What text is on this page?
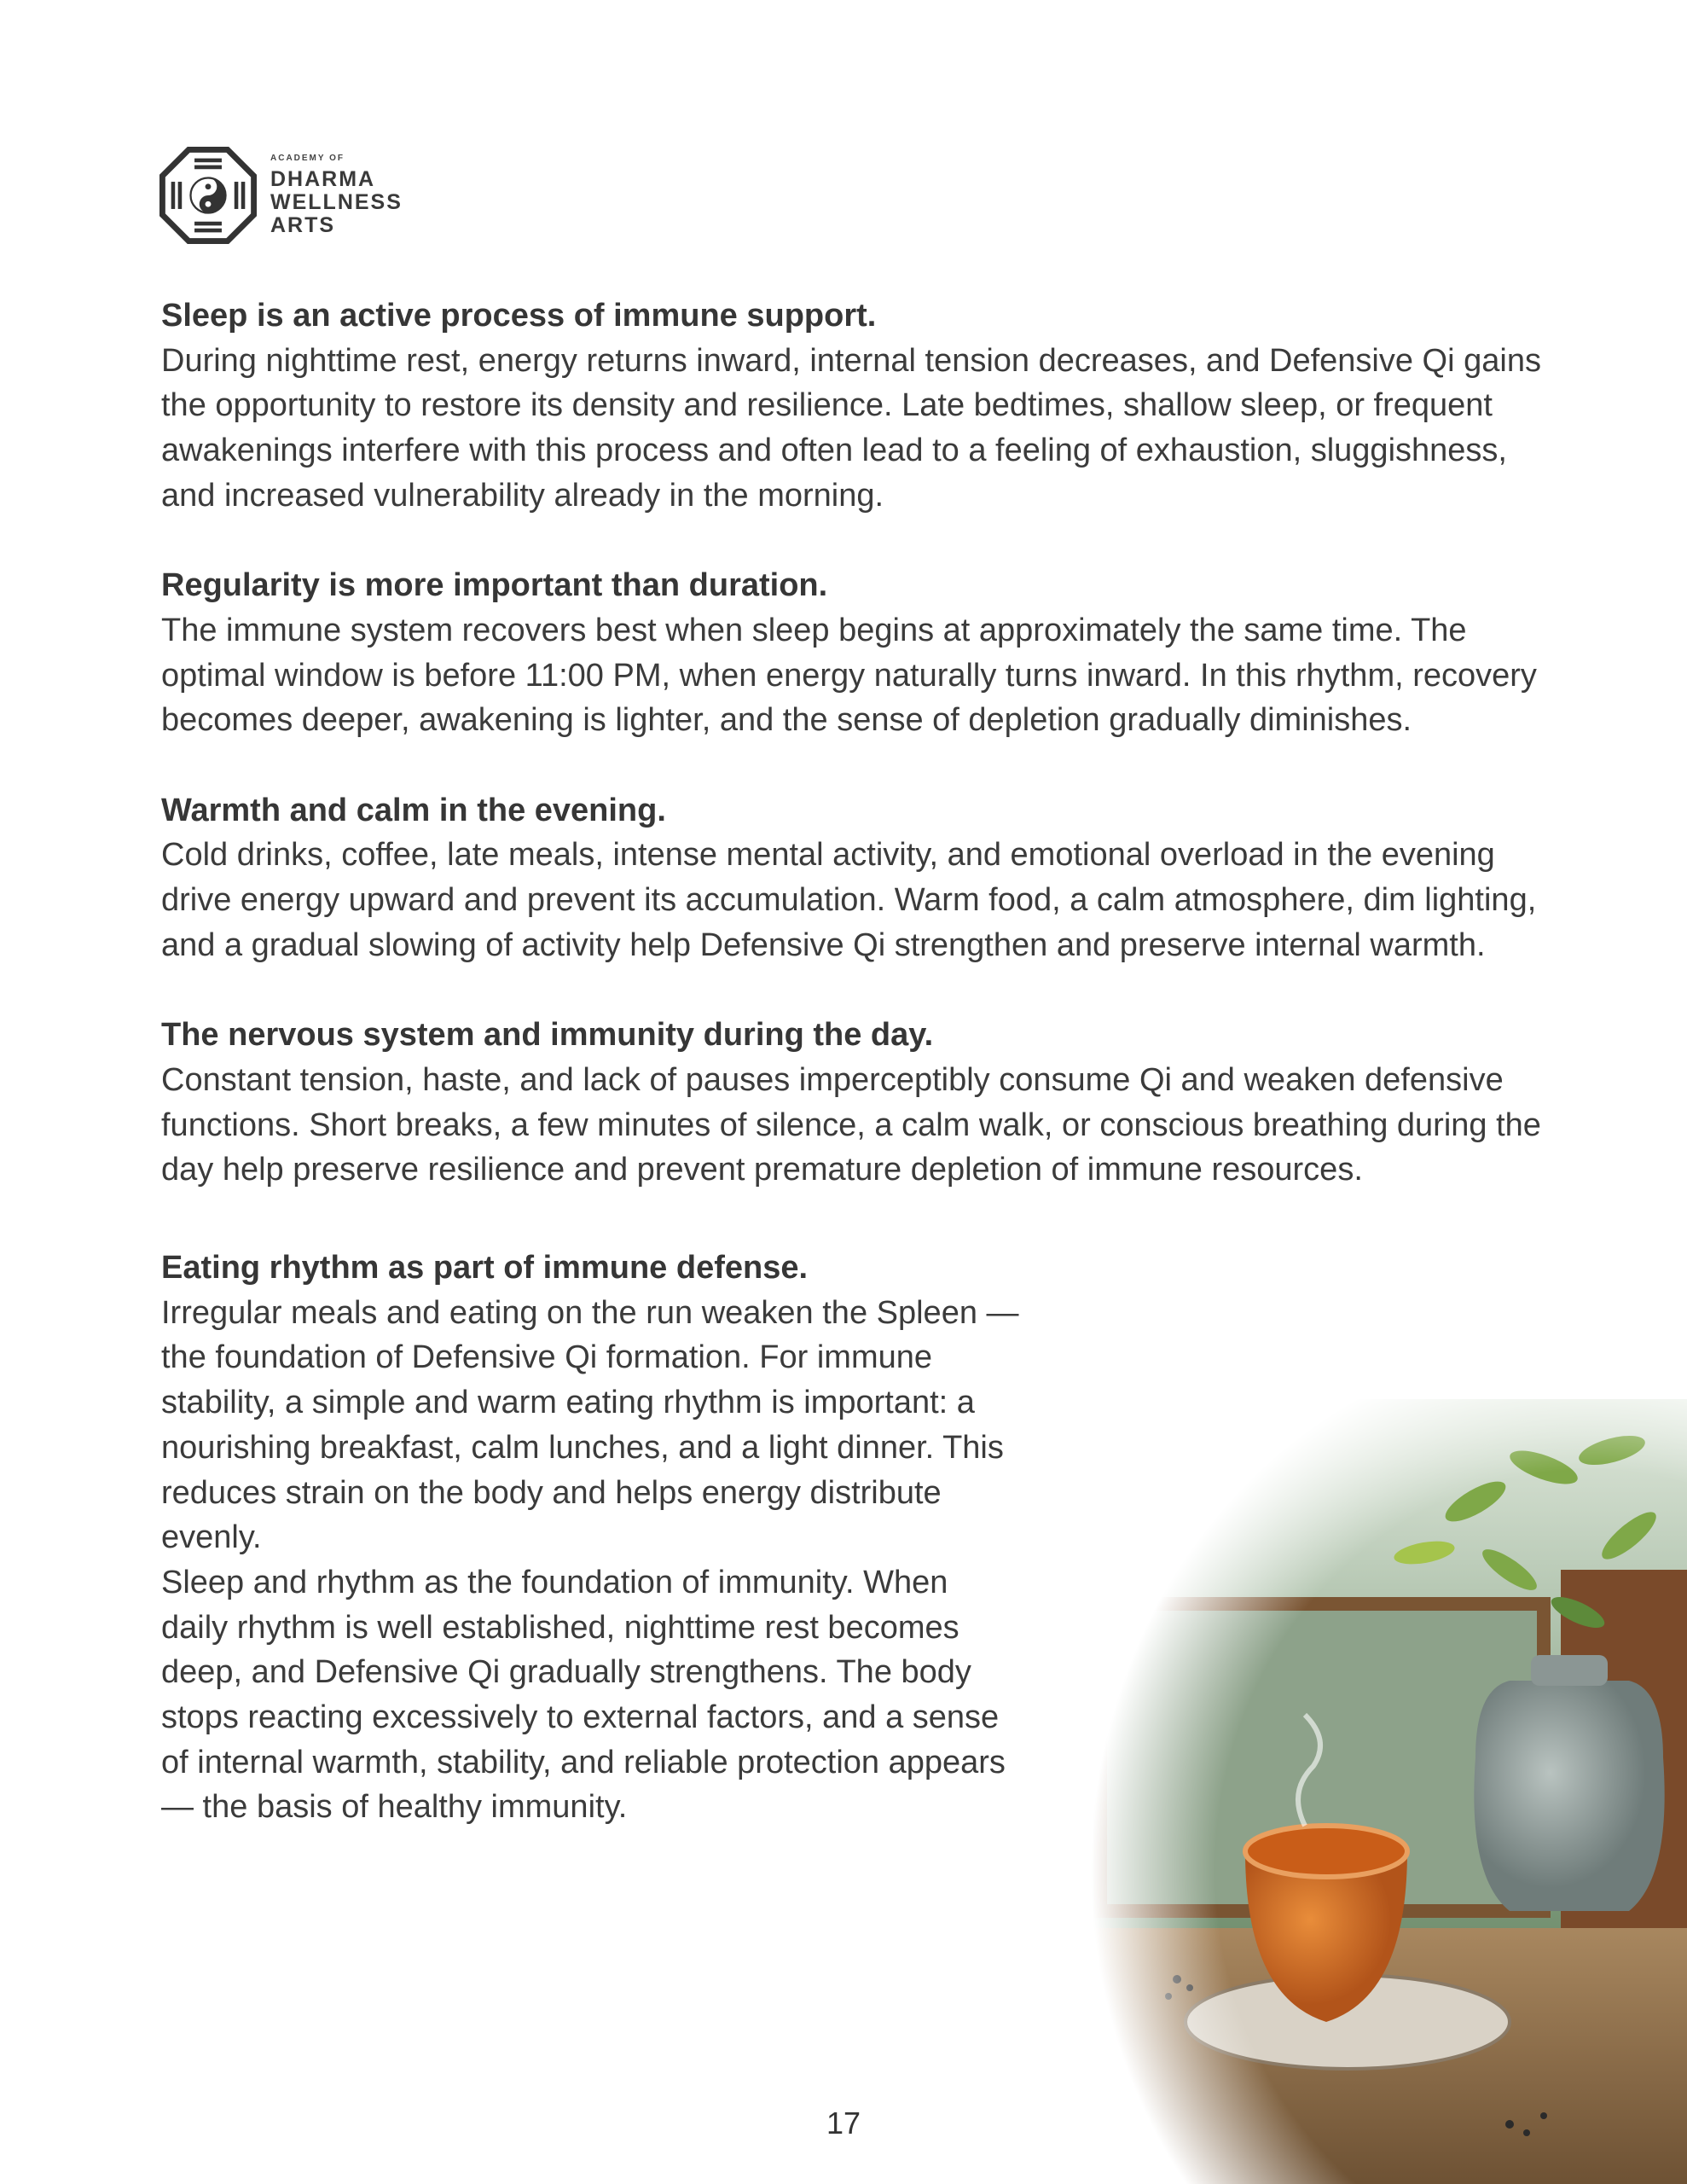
ACADEMY OF
DHARMA
WELLNESS
ARTS
Sleep is an active process of immune support.

During nighttime rest, energy returns inward, internal tension decreases, and Defensive Qi gains the opportunity to restore its density and resilience. Late bedtimes, shallow sleep, or frequent awakenings interfere with this process and often lead to a feeling of exhaustion, sluggishness, and increased vulnerability already in the morning.

Regularity is more important than duration.

The immune system recovers best when sleep begins at approximately the same time. The optimal window is before 11:00 PM, when energy naturally turns inward. In this rhythm, recovery becomes deeper, awakening is lighter, and the sense of depletion gradually diminishes.

Warmth and calm in the evening.

Cold drinks, coffee, late meals, intense mental activity, and emotional overload in the evening drive energy upward and prevent its accumulation. Warm food, a calm atmosphere, dim lighting, and a gradual slowing of activity help Defensive Qi strengthen and preserve internal warmth.

The nervous system and immunity during the day.

Constant tension, haste, and lack of pauses imperceptibly consume Qi and weaken defensive functions. Short breaks, a few minutes of silence, a calm walk, or conscious breathing during the day help preserve resilience and prevent premature depletion of immune resources.

Eating rhythm as part of immune defense.

Irregular meals and eating on the run weaken the Spleen — the foundation of Defensive Qi formation. For immune stability, a simple and warm eating rhythm is important: a nourishing breakfast, calm lunches, and a light dinner. This reduces strain on the body and helps energy distribute evenly.

Sleep and rhythm as the foundation of immunity. When daily rhythm is well established, nighttime rest becomes deep, and Defensive Qi gradually strengthens. The body stops reacting excessively to external factors, and a sense of internal warmth, stability, and reliable protection appears — the basis of healthy immunity.

17
